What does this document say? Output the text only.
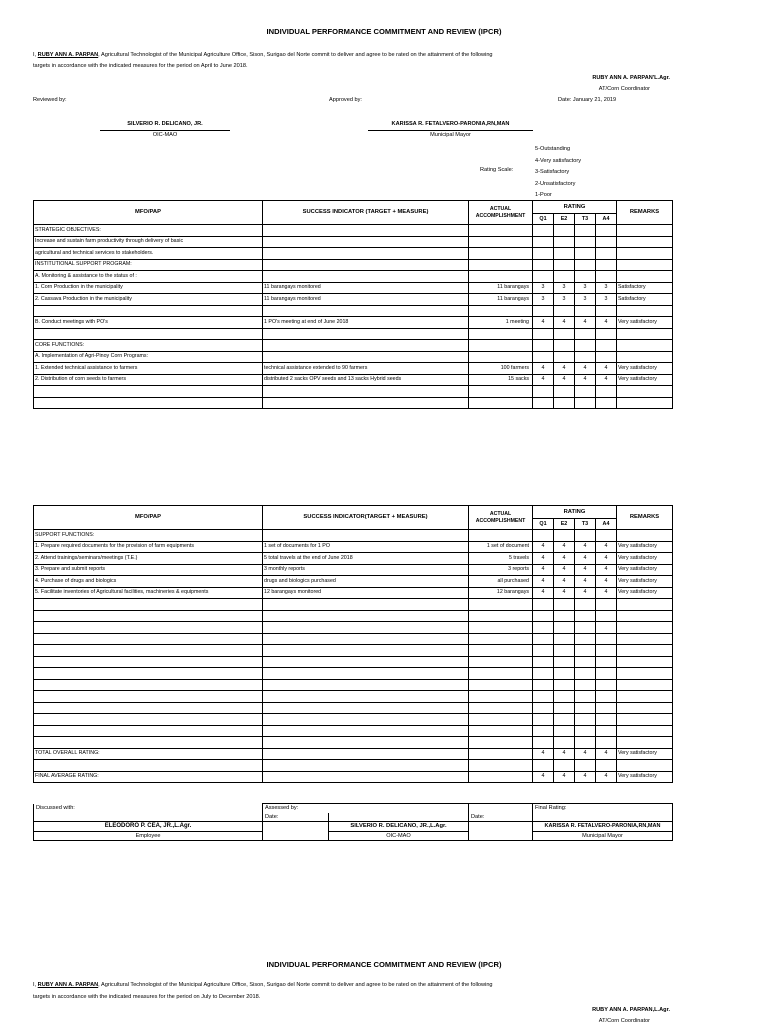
INDIVIDUAL PERFORMANCE COMMITMENT AND REVIEW (IPCR)
I, RUBY ANN A. PARPAN, Agricultural Technologist of the Municipal Agriculture Office, Sison, Surigao del Norte commit to deliver and agree to be rated on the attainment of the following
targets in accordance with the indicated measures for the period on April to June 2018.
RUBY ANN A. PARPAN'L.Agr.
AT/Corn Coordinator
Reviewed by:	Approved by:	Date: January 21, 2019
SILVERIO R. DELICANO, JR.
OIC-MAO
KARISSA R. FETALVERO-PARONIA,RN,MAN
Municipal Mayor
Rating Scale:
5-Outstanding
4-Very satisfactory
3-Satisfactory
2-Unsatisfactory
1-Poor
MFO/PAP	SUCCESS INDICATOR (TARGET + MEASURE)	ACTUAL ACCOMPLISHMENT	RATING				REMARKS
			Q1	E2	T3	A4	
STRATEGIC OBJECTIVES:							
Increase and sustain farm productivity through delivery of basic							
agricultural and technical services to stakeholders.							
INSTITUTIONAL SUPPORT PROGRAM:							
A. Monitoring & assistance to the status of :							
1. Corn Production in the municipality	11 barangays monitored	11 barangays	3	3	3	3	Satisfactory
2. Cassava Production in the municipality	11 barangays monitored	11 barangays	3	3	3	3	Satisfactory

B. Conduct meetings with PO's	1 PO's meeting at end of June 2018	1 meeting	4	4	4	4	Very satisfactory

CORE FUNCTIONS:							
A. Implementation of Agri-Pinoy Corn Programs:							
1. Extended technical assistance to farmers	technical assistance extended to 90 farmers	100 farmers	4	4	4	4	Very satisfactory
2. Distribution of corn seeds to farmers	distributed 2 sacks OPV seeds and 13 sacks Hybrid seeds	15 sacks	4	4	4	4	Very satisfactory

MFO/PAP	SUCCESS INDICATOR(TARGET + MEASURE)	ACTUAL ACCOMPLISHMENT	RATING				REMARKS
			Q1	E2	T3	A4	
SUPPORT FUNCTIONS:							
1. Prepare required documents for the provision of farm equipments	1 set of documents for 1 PO	1 set of document	4	4	4	4	Very satisfactory
2. Attend trainings/seminars/meetings (T.E.)	5 total travels at the end of June 2018	5 travels	4	4	4	4	Very satisfactory
3. Prepare and submit reports	3 monthly reports	3 reports	4	4	4	4	Very satisfactory
4. Purchase of drugs and biologics	drugs and biologics purchased	all purchased	4	4	4	4	Very satisfactory
5. Facilitate inventories of Agricultural facilities, machineries & equipments	12 barangays monitored	12 barangays	4	4	4	4	Very satisfactory

TOTAL OVERALL RATING:			4	4	4	4	Very satisfactory

FINAL AVERAGE RATING:			4	4	4	4	Very satisfactory
Discussed with:	Assessed by:			Final Rating:
	Date:		Date:	
ELEODORO P. CEA, JR.,L.Agr.		SILVERIO R. DELICANO, JR.,L.Agr.		KARISSA R. FETALVERO-PARONIA,RN,MAN
Employee		OIC-MAO		Municipal Mayor
INDIVIDUAL PERFORMANCE COMMITMENT AND REVIEW (IPCR)
I, RUBY ANN A. PARPAN, Agricultural Technologist of the Municipal Agriculture Office, Sison, Surigao del Norte commit to deliver and agree to be rated on the attainment of the following
targets in accordance with the indicated measures for the period on July to December 2018.
RUBY ANN A. PARPAN,L.Agr.
AT/Corn Coordinator
